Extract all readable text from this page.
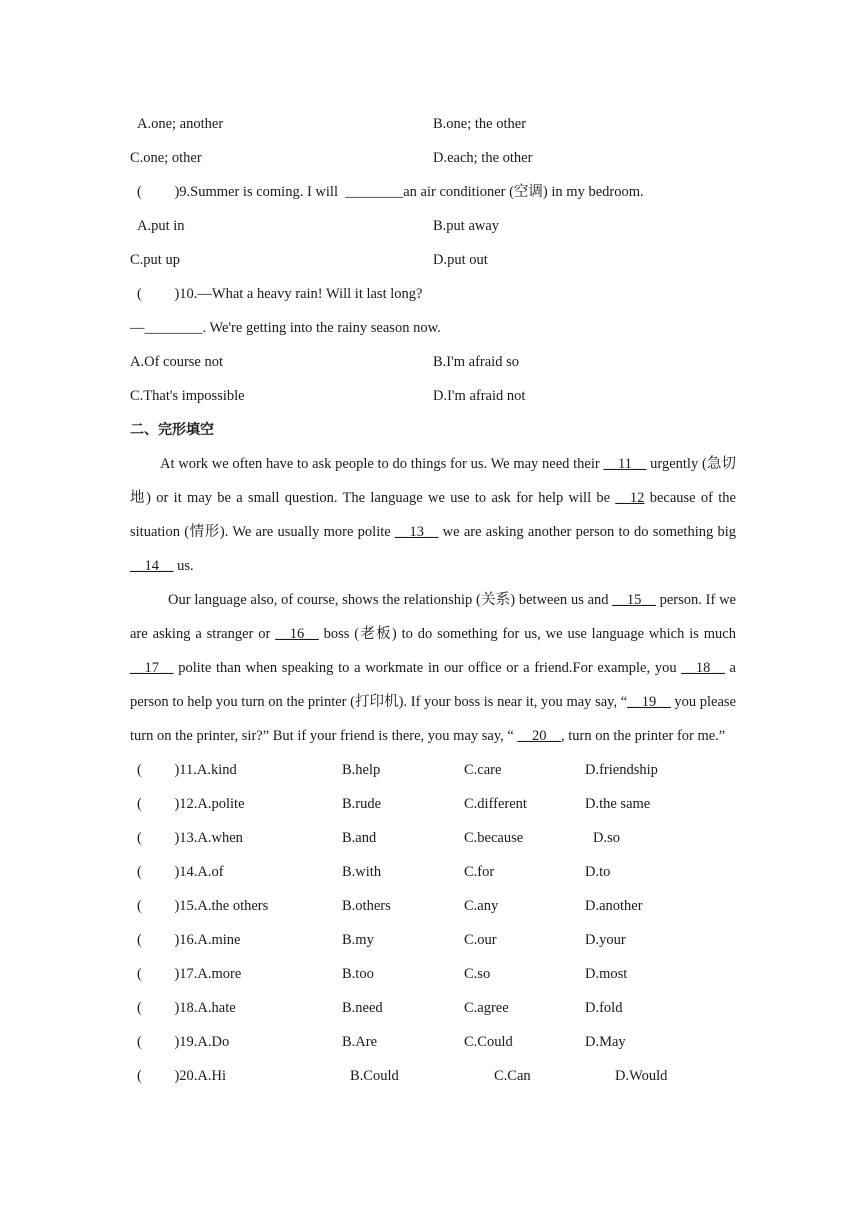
A.one; another	B.one; the other
C.one; other	D.each; the other
(   )9.Summer is coming. I will  ________an air conditioner (空调) in my bedroom.
A.put in	B.put away
C.put up	D.put out
(   )10.—What a heavy rain! Will it last long?
—________. We're getting into the rainy season now.
A.Of course not	B.I'm afraid so
C.That's impossible	D.I'm afraid not
二、完形填空

At work we often have to ask people to do things for us. We may need their __11__ urgently (急切地) or it may be a small question. The language we use to ask for help will be __12 because of the situation (情形). We are usually more polite __13__ we are asking another person to do something big __14__ us.

Our language also, of course, shows the relationship (关系) between us and __15__ person. If we are asking a stranger or __16__ boss (老板) to do something for us, we use language which is much __17__ polite than when speaking to a workmate in our office or a friend.For example, you __18__ a person to help you turn on the printer (打印机). If your boss is near it, you may say, “__19__ you please turn on the printer, sir?” But if your friend is there, you may say, “ __20__, turn on the printer for me.”

(   )11.A.kind	B.help	C.care	D.friendship
(   )12.A.polite	B.rude	C.different	D.the same
(   )13.A.when	B.and	C.because	D.so
(   )14.A.of	B.with	C.for	D.to
(   )15.A.the others	B.others	C.any	D.another
(   )16.A.mine	B.my	C.our	D.your
(   )17.A.more	B.too	C.so	D.most
(   )18.A.hate	B.need	C.agree	D.fold
(   )19.A.Do	B.Are	C.Could	D.May
(   )20.A.Hi	B.Could	C.Can	D.Would
